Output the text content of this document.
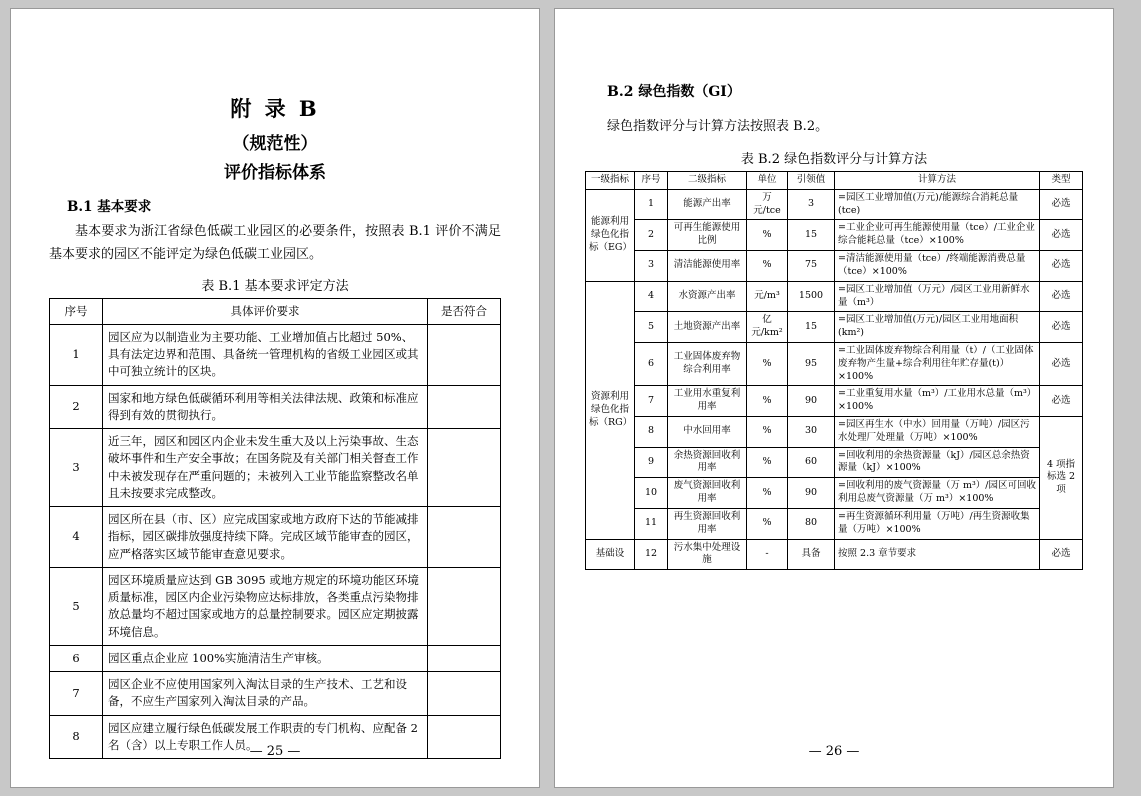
附 录 B
（规范性）
评价指标体系
B.1 基本要求
基本要求为浙江省绿色低碳工业园区的必要条件，按照表 B.1 评价不满足基本要求的园区不能评定为绿色低碳工业园区。
表 B.1 基本要求评定方法
序号	具体评价要求	是否符合
1	园区应为以制造业为主要功能、工业增加值占比超过 50%、具有法定边界和范围、具备统一管理机构的省级工业园区或其中可独立统计的区块。	
2	国家和地方绿色低碳循环利用等相关法律法规、政策和标准应得到有效的贯彻执行。	
3	近三年，园区和园区内企业未发生重大及以上污染事故、生态破坏事件和生产安全事故；在国务院及有关部门相关督查工作中未被发现存在严重问题的；未被列入工业节能监察整改名单且未按要求完成整改。	
4	园区所在县（市、区）应完成国家或地方政府下达的节能减排指标，园区碳排放强度持续下降。完成区域节能审查的园区，应严格落实区域节能审查意见要求。	
5	园区环境质量应达到 GB 3095 或地方规定的环境功能区环境质量标准，园区内企业污染物应达标排放，各类重点污染物排放总量均不超过国家或地方的总量控制要求。园区应定期披露环境信息。	
6	园区重点企业应 100%实施清洁生产审核。	
7	园区企业不应使用国家列入淘汰目录的生产技术、工艺和设备，不应生产国家列入淘汰目录的产品。	
8	园区应建立履行绿色低碳发展工作职责的专门机构、应配备 2 名（含）以上专职工作人员。	
— 25 —
B.2 绿色指数（GI）
绿色指数评分与计算方法按照表 B.2。
表 B.2 绿色指数评分与计算方法
一级指标	序号	二级指标	单位	引领值	计算方法	类型
能源利用绿色化指标（EG）	1	能源产出率	万元/tce	3	=园区工业增加值(万元)/能源综合消耗总量(tce)	必选
	2	可再生能源使用比例	%	15	=工业企业可再生能源使用量（tce）/工业企业综合能耗总量（tce）×100%	必选
	3	清洁能源使用率	%	75	=清洁能源使用量（tce）/终端能源消费总量（tce）×100%	必选
资源利用绿色化指标（RG）	4	水资源产出率	元/m³	1500	=园区工业增加值（万元）/园区工业用新鲜水量（m³）	必选
	5	土地资源产出率	亿元/km²	15	=园区工业增加值(万元)/园区工业用地面积(km²)	必选
	6	工业固体废弃物综合利用率	%	95	=工业固体废弃物综合利用量（t）/（工业固体废弃物产生量+综合利用往年贮存量(t)）×100%	必选
	7	工业用水重复利用率	%	90	=工业重复用水量（m³）/工业用水总量（m³）×100%	必选
	8	中水回用率	%	30	=园区再生水（中水）回用量（万吨）/园区污水处理厂处理量（万吨）×100%	4 项指标选 2 项
	9	余热资源回收利用率	%	60	=回收利用的余热资源量（kJ）/园区总余热资源量（kJ）×100%	
	10	废气资源回收利用率	%	90	=回收利用的废气资源量（万 m³）/园区可回收利用总废气资源量（万 m³）×100%	
	11	再生资源回收利用率	%	80	=再生资源循环利用量（万吨）/再生资源收集量（万吨）×100%	
基础设	12	污水集中处理设施	-	具备	按照 2.3 章节要求	必选
— 26 —
